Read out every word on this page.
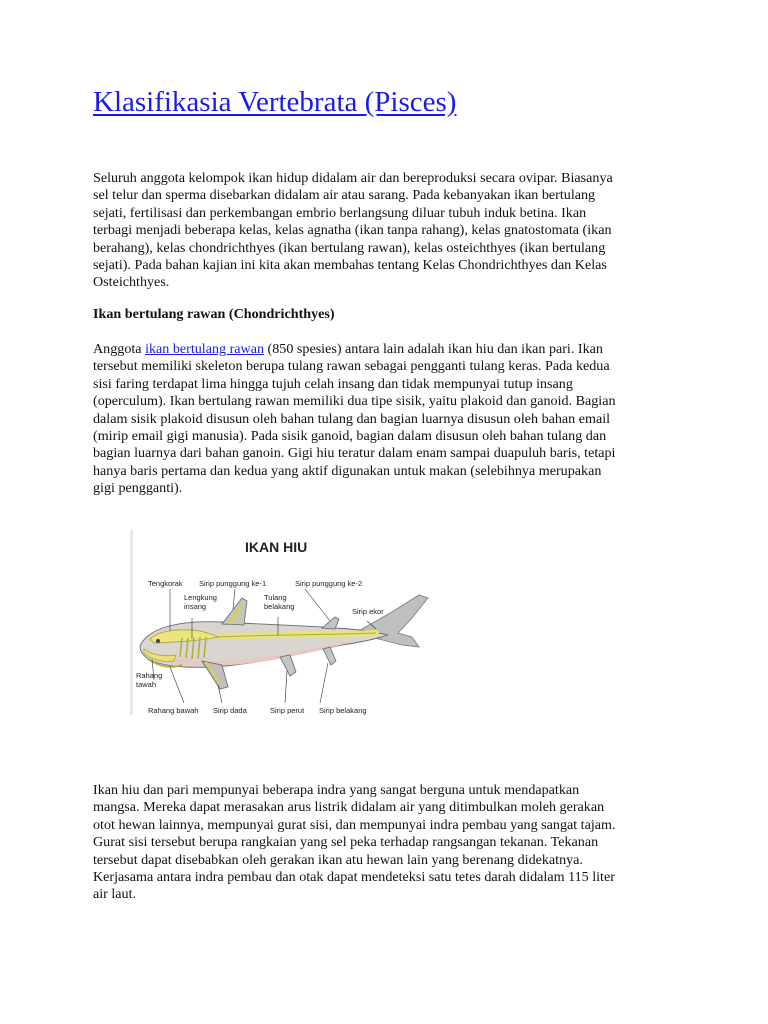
Klasifikasia Vertebrata (Pisces)

Seluruh anggota kelompok ikan hidup didalam air dan bereproduksi secara ovipar. Biasanya
sel telur dan sperma disebarkan didalam air atau sarang. Pada kebanyakan ikan bertulang
sejati, fertilisasi dan perkembangan embrio berlangsung diluar tubuh induk betina. Ikan
terbagi menjadi beberapa kelas, kelas agnatha (ikan tanpa rahang), kelas gnatostomata (ikan
berahang), kelas chondrichthyes (ikan bertulang rawan), kelas osteichthyes (ikan bertulang
sejati). Pada bahan kajian ini kita akan membahas tentang Kelas Chondrichthyes dan Kelas
Osteichthyes.

Ikan bertulang rawan (Chondrichthyes)

Anggota ikan bertulang rawan (850 spesies) antara lain adalah ikan hiu dan ikan pari. Ikan
tersebut memiliki skeleton berupa tulang rawan sebagai pengganti tulang keras. Pada kedua
sisi faring terdapat lima hingga tujuh celah insang dan tidak mempunyai tutup insang
(operculum). Ikan bertulang rawan memiliki dua tipe sisik, yaitu plakoid dan ganoid. Bagian
dalam sisik plakoid disusun oleh bahan tulang dan bagian luarnya disusun oleh bahan email
(mirip email gigi manusia). Pada sisik ganoid, bagian dalam disusun oleh bahan tulang dan
bagian luarnya dari bahan ganoin. Gigi hiu teratur dalam enam sampai duapuluh baris, tetapi
hanya baris pertama dan kedua yang aktif digunakan untuk makan (selebihnya merupakan
gigi pengganti).

IKAN HIU
Tengkorak Sirip punggung ke-1	Sirip punggung ke-2
Lengkung
insang
Tulang
belakang
Sirip ekor
Rahang
tawah
Rahang bawah Sirip dada	Sirip perut Sirip belakang

Ikan hiu dan pari mempunyai beberapa indra yang sangat berguna untuk mendapatkan
mangsa. Mereka dapat merasakan arus listrik didalam air yang ditimbulkan moleh gerakan
otot hewan lainnya, mempunyai gurat sisi, dan mempunyai indra pembau yang sangat tajam.
Gurat sisi tersebut berupa rangkaian yang sel peka terhadap rangsangan tekanan. Tekanan
tersebut dapat disebabkan oleh gerakan ikan atu hewan lain yang berenang didekatnya.
Kerjasama antara indra pembau dan otak dapat mendeteksi satu tetes darah didalam 115 liter
air laut.
